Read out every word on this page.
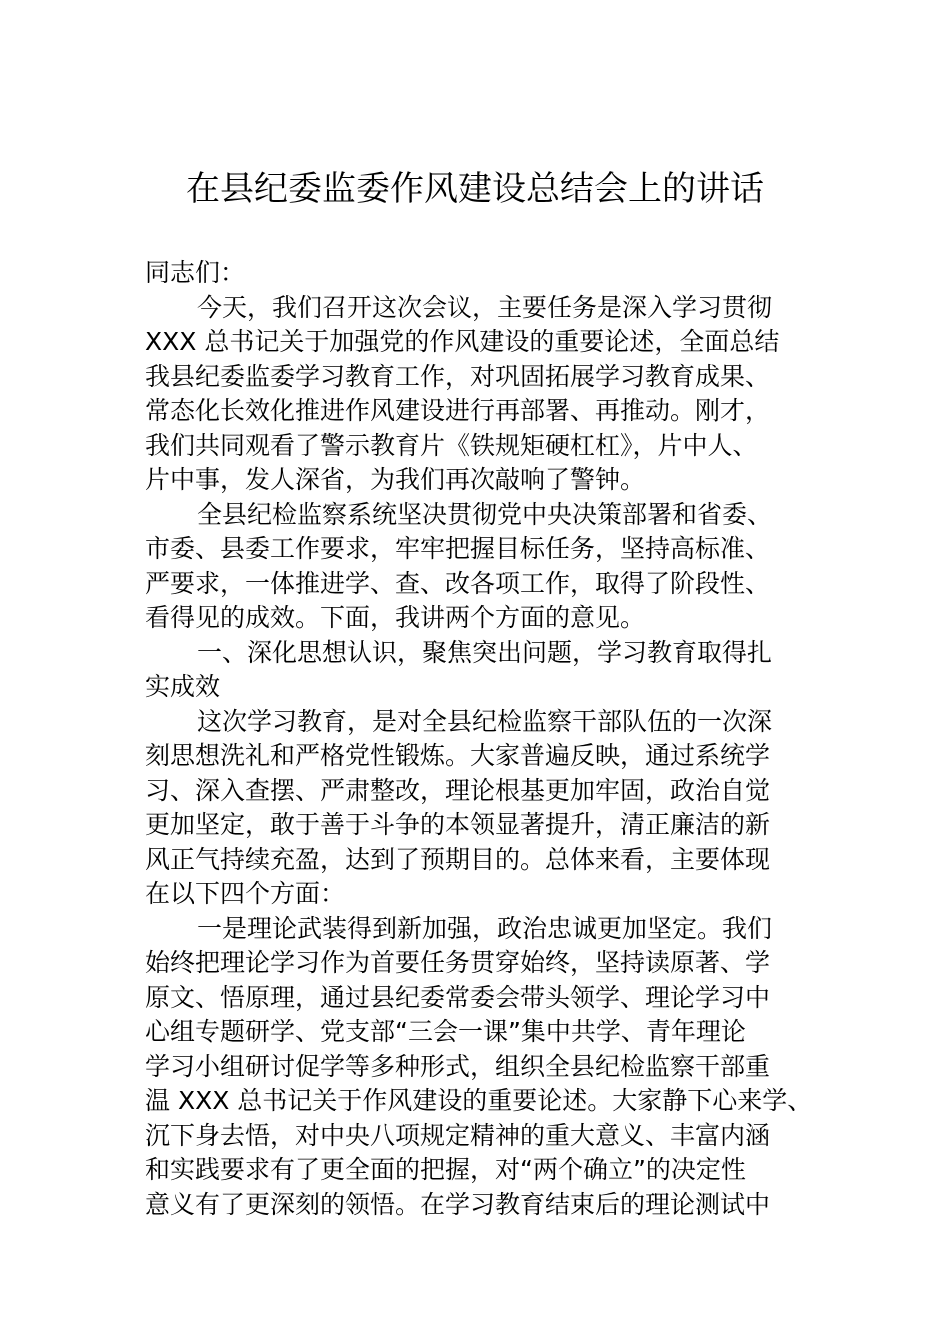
在县纪委监委作风建设总结会上的讲话
同志们：
今天，我们召开这次会议，主要任务是深入学习贯彻
XXX 总书记关于加强党的作风建设的重要论述，全面总结
我县纪委监委学习教育工作，对巩固拓展学习教育成果、
常态化长效化推进作风建设进行再部署、再推动。刚才，
我们共同观看了警示教育片《铁规矩硬杠杠》，片中人、
片中事，发人深省，为我们再次敲响了警钟。
全县纪检监察系统坚决贯彻党中央决策部署和省委、
市委、县委工作要求，牢牢把握目标任务，坚持高标准、
严要求，一体推进学、查、改各项工作，取得了阶段性、
看得见的成效。下面，我讲两个方面的意见。
一、深化思想认识，聚焦突出问题，学习教育取得扎
实成效
这次学习教育，是对全县纪检监察干部队伍的一次深
刻思想洗礼和严格党性锻炼。大家普遍反映，通过系统学
习、深入查摆、严肃整改，理论根基更加牢固，政治自觉
更加坚定，敢于善于斗争的本领显著提升，清正廉洁的新
风正气持续充盈，达到了预期目的。总体来看，主要体现
在以下四个方面：
一是理论武装得到新加强，政治忠诚更加坚定。我们
始终把理论学习作为首要任务贯穿始终，坚持读原著、学
原文、悟原理，通过县纪委常委会带头领学、理论学习中
心组专题研学、党支部“三会一课”集中共学、青年理论
学习小组研讨促学等多种形式，组织全县纪检监察干部重
温 XXX 总书记关于作风建设的重要论述。大家静下心来学、
沉下身去悟，对中央八项规定精神的重大意义、丰富内涵
和实践要求有了更全面的把握，对“两个确立”的决定性
意义有了更深刻的领悟。在学习教育结束后的理论测试中
